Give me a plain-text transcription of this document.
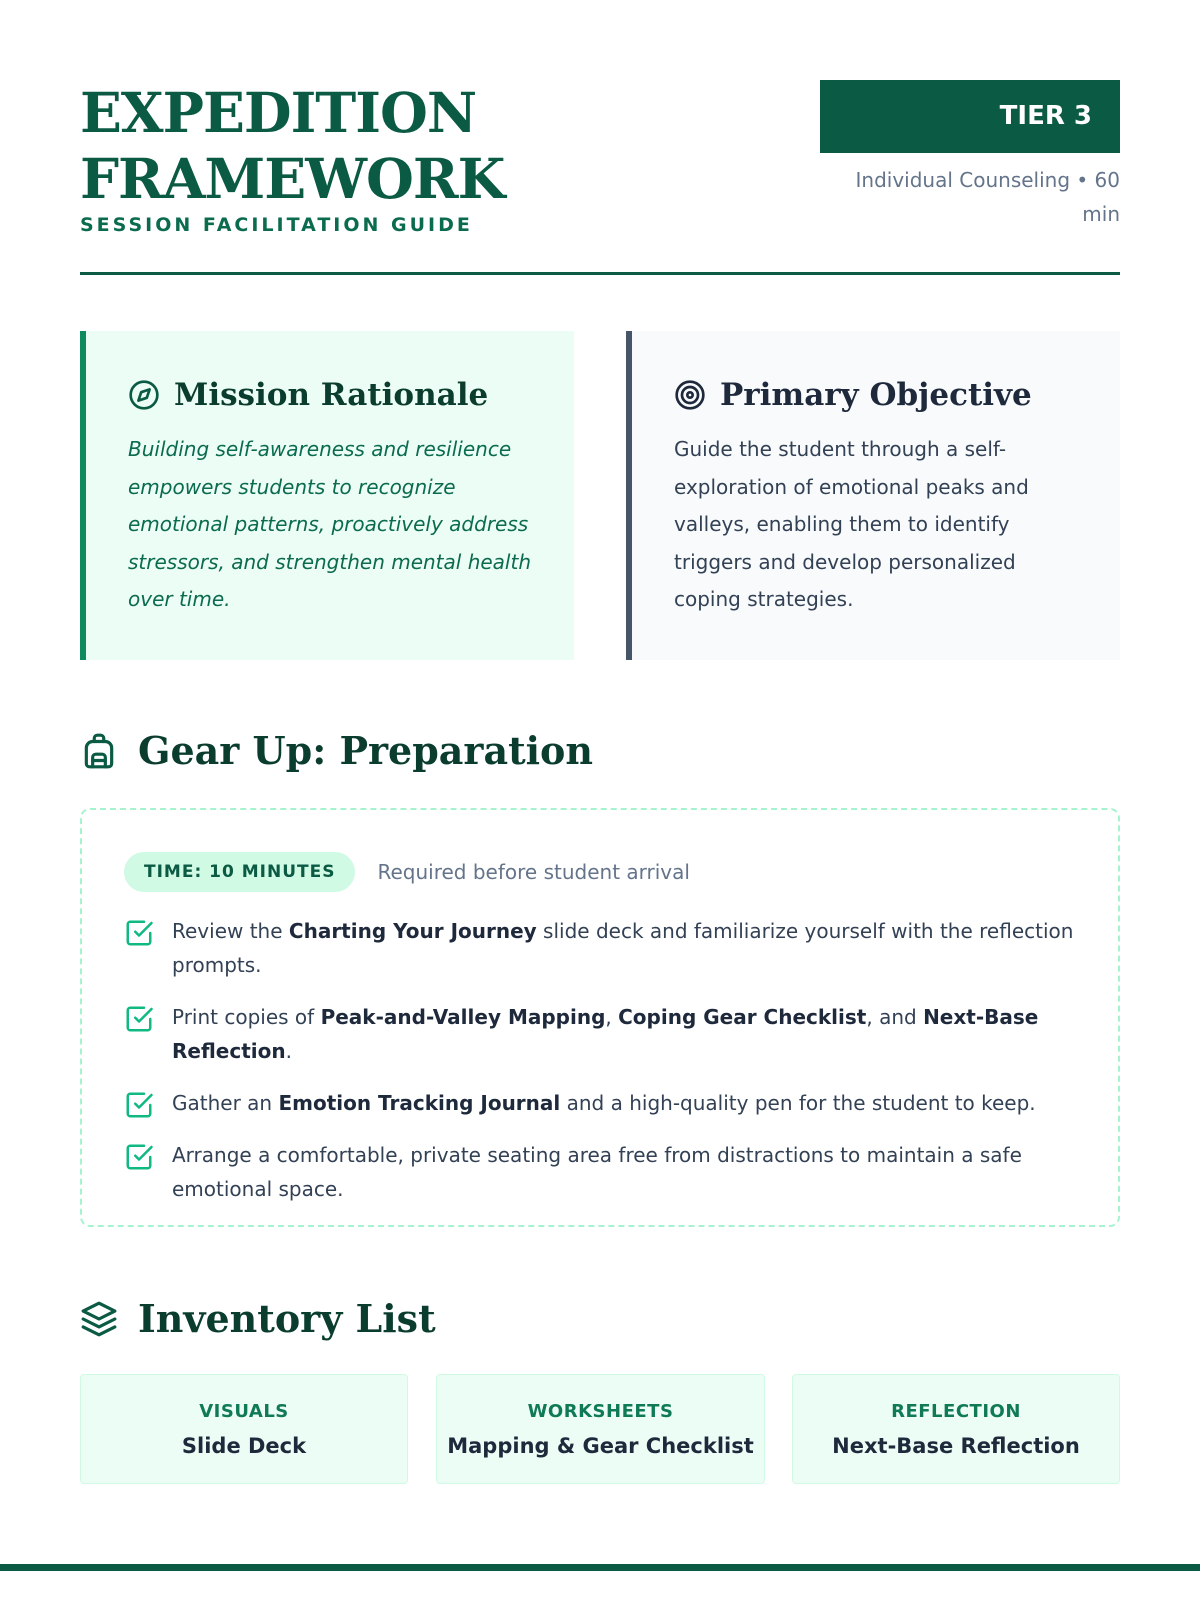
EXPEDITION
FRAMEWORK
SESSION FACILITATION GUIDE
TIER 3
Individual Counseling • 60 min
Mission Rationale
Building self-awareness and resilience empowers students to recognize emotional patterns, proactively address stressors, and strengthen mental health over time.
Primary Objective
Guide the student through a self-exploration of emotional peaks and valleys, enabling them to identify triggers and develop personalized coping strategies.
Gear Up: Preparation
TIME: 10 MINUTES	Required before student arrival
Review the Charting Your Journey slide deck and familiarize yourself with the reflection prompts.
Print copies of Peak-and-Valley Mapping, Coping Gear Checklist, and Next-Base Reflection.
Gather an Emotion Tracking Journal and a high-quality pen for the student to keep.
Arrange a comfortable, private seating area free from distractions to maintain a safe emotional space.
Inventory List
VISUALS
Slide Deck
WORKSHEETS
Mapping & Gear Checklist
REFLECTION
Next-Base Reflection
